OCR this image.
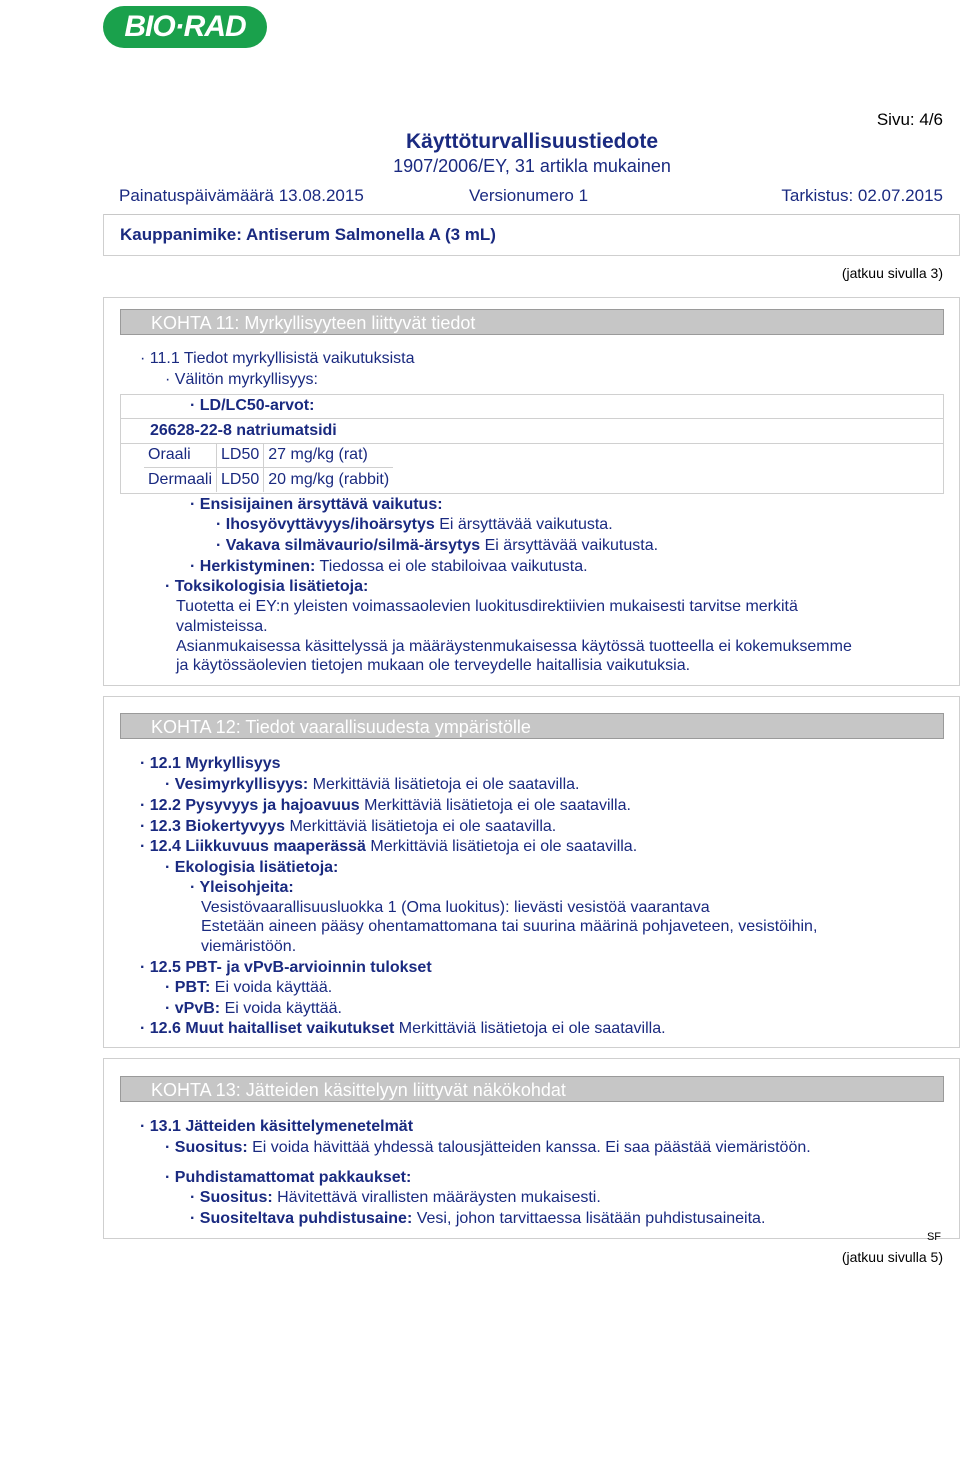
BIO·RAD
Sivu: 4/6
Käyttöturvallisuustiedote
1907/2006/EY, 31 artikla mukainen
Painatuspäivämäärä 13.08.2015	Versionumero 1	Tarkistus: 02.07.2015
Kauppanimike: Antiserum Salmonella A (3 mL)
(jatkuu sivulla 3)
KOHTA 11: Myrkyllisyyteen liittyvät tiedot
· 11.1 Tiedot myrkyllisistä vaikutuksista
· Välitön myrkyllisyys:
· LD/LC50-arvot:
26628-22-8 natriumatsidi
Oraali	LD50	27 mg/kg (rat)
Dermaali	LD50	20 mg/kg (rabbit)
· Ensisijainen ärsyttävä vaikutus:
· Ihosyövyttävyys/ihoärsytys Ei ärsyttävää vaikutusta.
· Vakava silmävaurio/silmä-ärsytys Ei ärsyttävää vaikutusta.
· Herkistyminen: Tiedossa ei ole stabiloivaa vaikutusta.
· Toksikologisia lisätietoja:
Tuotetta ei EY:n yleisten voimassaolevien luokitusdirektiivien mukaisesti tarvitse merkitä
valmisteissa.
Asianmukaisessa käsittelyssä ja määräystenmukaisessa käytössä tuotteella ei kokemuksemme
ja käytössäolevien tietojen mukaan ole terveydelle haitallisia vaikutuksia.
KOHTA 12: Tiedot vaarallisuudesta ympäristölle
· 12.1 Myrkyllisyys
· Vesimyrkyllisyys: Merkittäviä lisätietoja ei ole saatavilla.
· 12.2 Pysyvyys ja hajoavuus Merkittäviä lisätietoja ei ole saatavilla.
· 12.3 Biokertyvyys Merkittäviä lisätietoja ei ole saatavilla.
· 12.4 Liikkuvuus maaperässä Merkittäviä lisätietoja ei ole saatavilla.
· Ekologisia lisätietoja:
· Yleisohjeita:
Vesistövaarallisuusluokka 1 (Oma luokitus): lievästi vesistöä vaarantava
Estetään aineen pääsy ohentamattomana tai suurina määrinä pohjaveteen, vesistöihin,
viemäristöön.
· 12.5 PBT- ja vPvB-arvioinnin tulokset
· PBT: Ei voida käyttää.
· vPvB: Ei voida käyttää.
· 12.6 Muut haitalliset vaikutukset Merkittäviä lisätietoja ei ole saatavilla.
KOHTA 13: Jätteiden käsittelyyn liittyvät näkökohdat
· 13.1 Jätteiden käsittelymenetelmät
· Suositus: Ei voida hävittää yhdessä talousjätteiden kanssa. Ei saa päästää viemäristöön.
· Puhdistamattomat pakkaukset:
· Suositus: Hävitettävä virallisten määräysten mukaisesti.
· Suositeltava puhdistusaine: Vesi, johon tarvittaessa lisätään puhdistusaineita.
SF
(jatkuu sivulla 5)
